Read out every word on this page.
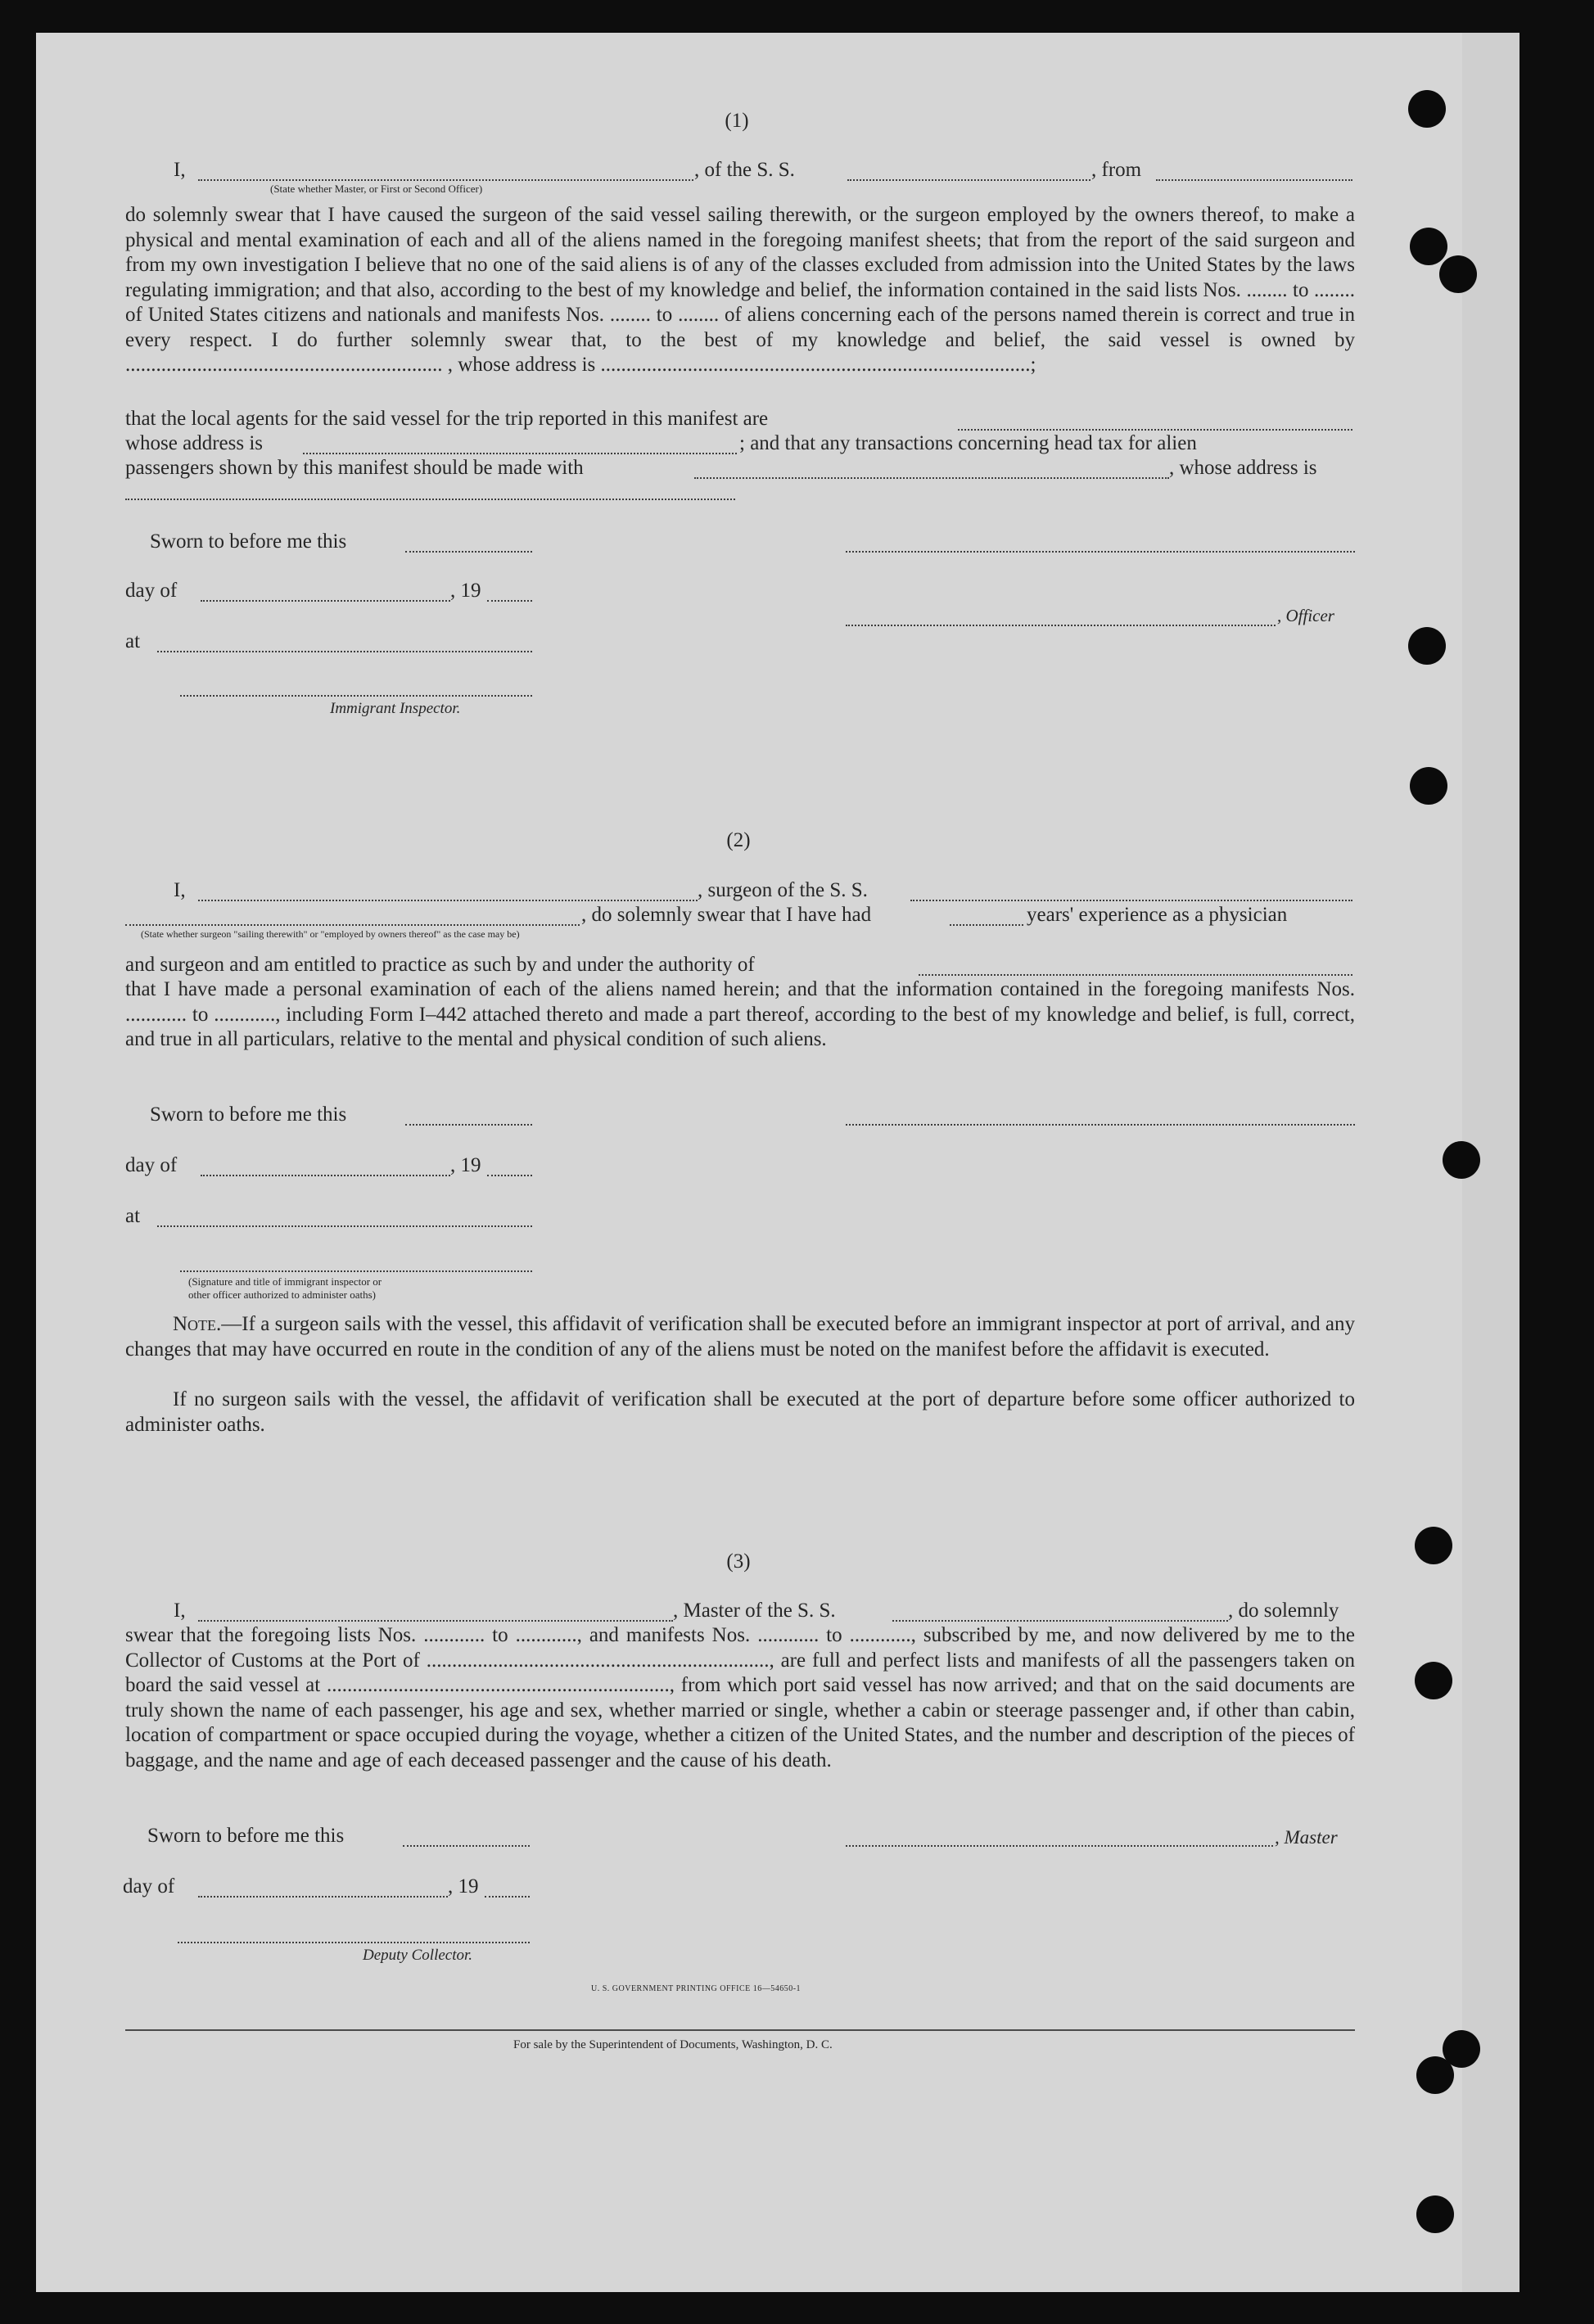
(1)
I,	, of the S. S.	, from
(State whether Master, or First or Second Officer)
do solemnly swear that I have caused the surgeon of the said vessel sailing therewith, or the surgeon employed by the owners thereof, to make a physical and mental examination of each and all of the aliens named in the foregoing manifest sheets; that from the report of the said surgeon and from my own investigation I believe that no one of the said aliens is of any of the classes excluded from admission into the United States by the laws regulating immigration; and that also, according to the best of my knowledge and belief, the information contained in the said lists Nos. ........ to ........ of United States citizens and nationals and manifests Nos. ........ to ........ of aliens concerning each of the persons named therein is correct and true in every respect. I do further solemnly swear that, to the best of my knowledge and belief, the said vessel is owned by .............................................................. , whose address is ....................................................................................;
that the local agents for the said vessel for the trip reported in this manifest are
whose address is	; and that any transactions concerning head tax for alien
passengers shown by this manifest should be made with	, whose address is
Sworn to before me this
day of	, 19
, Officer
at
Immigrant Inspector.
(2)
I,	, surgeon of the S. S.
, do solemnly swear that I have had	years' experience as a physician
(State whether surgeon "sailing therewith" or "employed by owners thereof" as the case may be)
and surgeon and am entitled to practice as such by and under the authority of
that I have made a personal examination of each of the aliens named herein; and that the information contained in the foregoing manifests Nos. ............ to ............, including Form I–442 attached thereto and made a part thereof, according to the best of my knowledge and belief, is full, correct, and true in all particulars, relative to the mental and physical condition of such aliens.
Sworn to before me this
day of	, 19
at
(Signature and title of immigrant inspector or
other officer authorized to administer oaths)
Note.—If a surgeon sails with the vessel, this affidavit of verification shall be executed before an immigrant inspector at port of arrival, and any changes that may have occurred en route in the condition of any of the aliens must be noted on the manifest before the affidavit is executed.
If no surgeon sails with the vessel, the affidavit of verification shall be executed at the port of departure before some officer authorized to administer oaths.
(3)
I,	, Master of the S. S.	, do solemnly
swear that the foregoing lists Nos. ............ to ............, and manifests Nos. ............ to ............, subscribed by me, and now delivered by me to the Collector of Customs at the Port of ..................................................................., are full and perfect lists and manifests of all the passengers taken on board the said vessel at ..................................................................., from which port said vessel has now arrived; and that on the said documents are truly shown the name of each passenger, his age and sex, whether married or single, whether a cabin or steerage passenger and, if other than cabin, location of compartment or space occupied during the voyage, whether a citizen of the United States, and the number and description of the pieces of baggage, and the name and age of each deceased passenger and the cause of his death.
Sworn to before me this	, Master
day of	, 19
Deputy Collector.
U. S. GOVERNMENT PRINTING OFFICE 16—54650-1
For sale by the Superintendent of Documents, Washington, D. C.
